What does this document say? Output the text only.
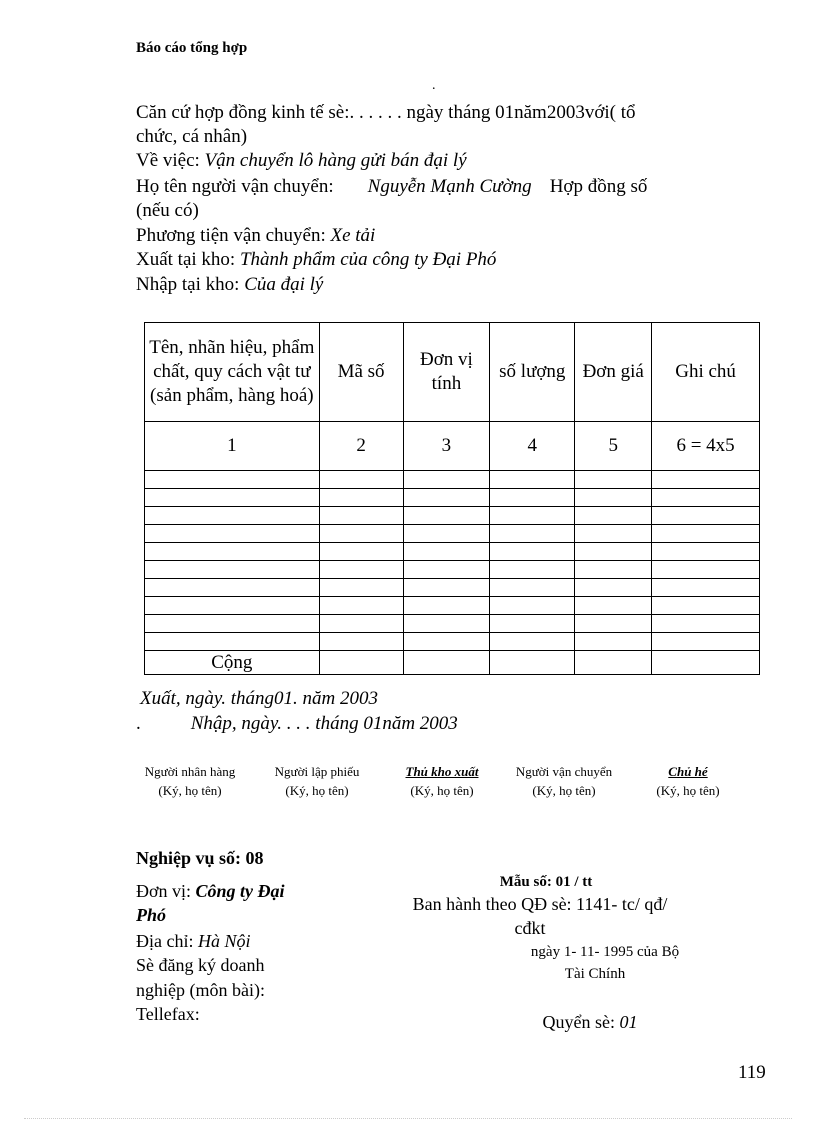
Báo cáo tổng hợp
.
Căn cứ hợp đồng kinh tế sè:. . . . . . ngày tháng 01năm2003với( tổ
chức, cá nhân)
Về việc: Vận chuyển lô hàng gửi bán đại lý
Họ tên người vận chuyển: Nguyễn Mạnh Cường Hợp đồng số
(nếu có)
Phương tiện vận chuyển: Xe tải
Xuất tại kho: Thành phẩm của công ty Đại Phó
Nhập tại kho: Của đại lý
Tên, nhãn hiệu, phẩm chất, quy cách vật tư (sản phẩm, hàng hoá)	Mã số	Đơn vị tính	số lượng	Đơn giá	Ghi chú
1	2	3	4	5	6 = 4x5

Cộng					
Xuất, ngày. tháng01. năm 2003
.	Nhập, ngày. . . . tháng 01năm 2003
Người nhân hàng
(Ký, họ tên)
Người lập phiếu
(Ký, họ tên)
Thủ kho xuất
(Ký, họ tên)
Người vận chuyển
(Ký, họ tên)
Chủ hé
(Ký, họ tên)
Nghiệp vụ số: 08
Đơn vị: Công ty Đại
Phó
Địa chỉ: Hà Nội
Sè đăng ký doanh
nghiệp (môn bài):
Tellefax:
Mẫu số: 01 / tt
Ban hành theo QĐ sè: 1141- tc/ qđ/
cđkt
ngày 1- 11- 1995 của Bộ
Tài Chính
Quyển sè: 01
119
